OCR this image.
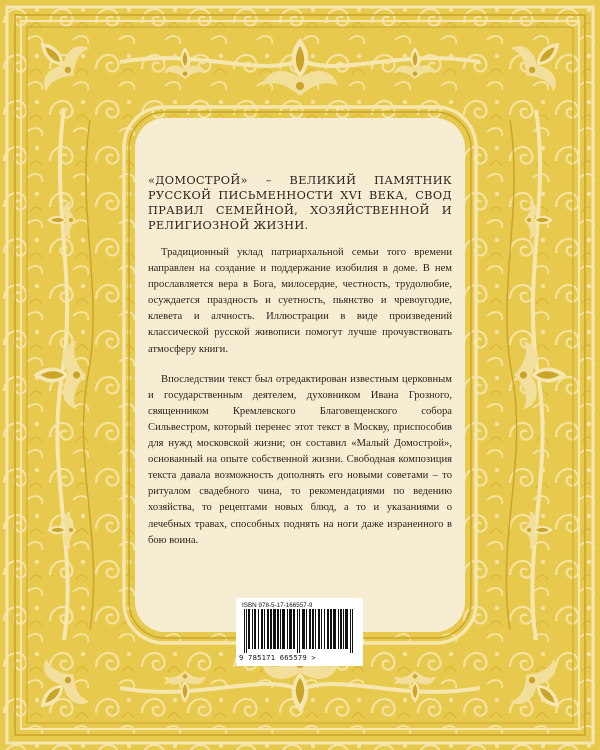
«ДОМОСТРОЙ» – ВЕЛИКИЙ ПАМЯТНИК РУССКОЙ ПИСЬМЕННОСТИ XVI ВЕКА, СВОД ПРАВИЛ СЕМЕЙНОЙ, ХОЗЯЙСТВЕННОЙ И РЕЛИГИОЗНОЙ ЖИЗНИ.

Традиционный уклад патриархальной семьи того времени направлен на создание и поддержание изобилия в доме. В нем прославляется вера в Бога, милосердие, честность, трудолюбие, осуждается праздность и суетность, пьянство и чревоугодие, клевета и алчность. Иллюстрации в виде произведений классической русской живописи помогут лучше прочувствовать атмосферу книги.

Впоследствии текст был отредактирован известным церковным и государственным деятелем, духовником Ивана Грозного, священником Кремлевского Благовещенского собора Сильвестром, который перенес этот текст в Москву, приспособив для нужд московской жизни; он составил «Малый Домострой», основанный на опыте собственной жизни. Свободная композиция текста давала возможность дополнять его новыми советами – то ритуалом свадебного чина, то рекомендациями по ведению хозяйства, то рецептами новых блюд, а то и указаниями о лечебных травах, способных поднять на ноги даже израненного в бою воина.

ISBN 978-5-17-166557-9
9 785171 665579 >
